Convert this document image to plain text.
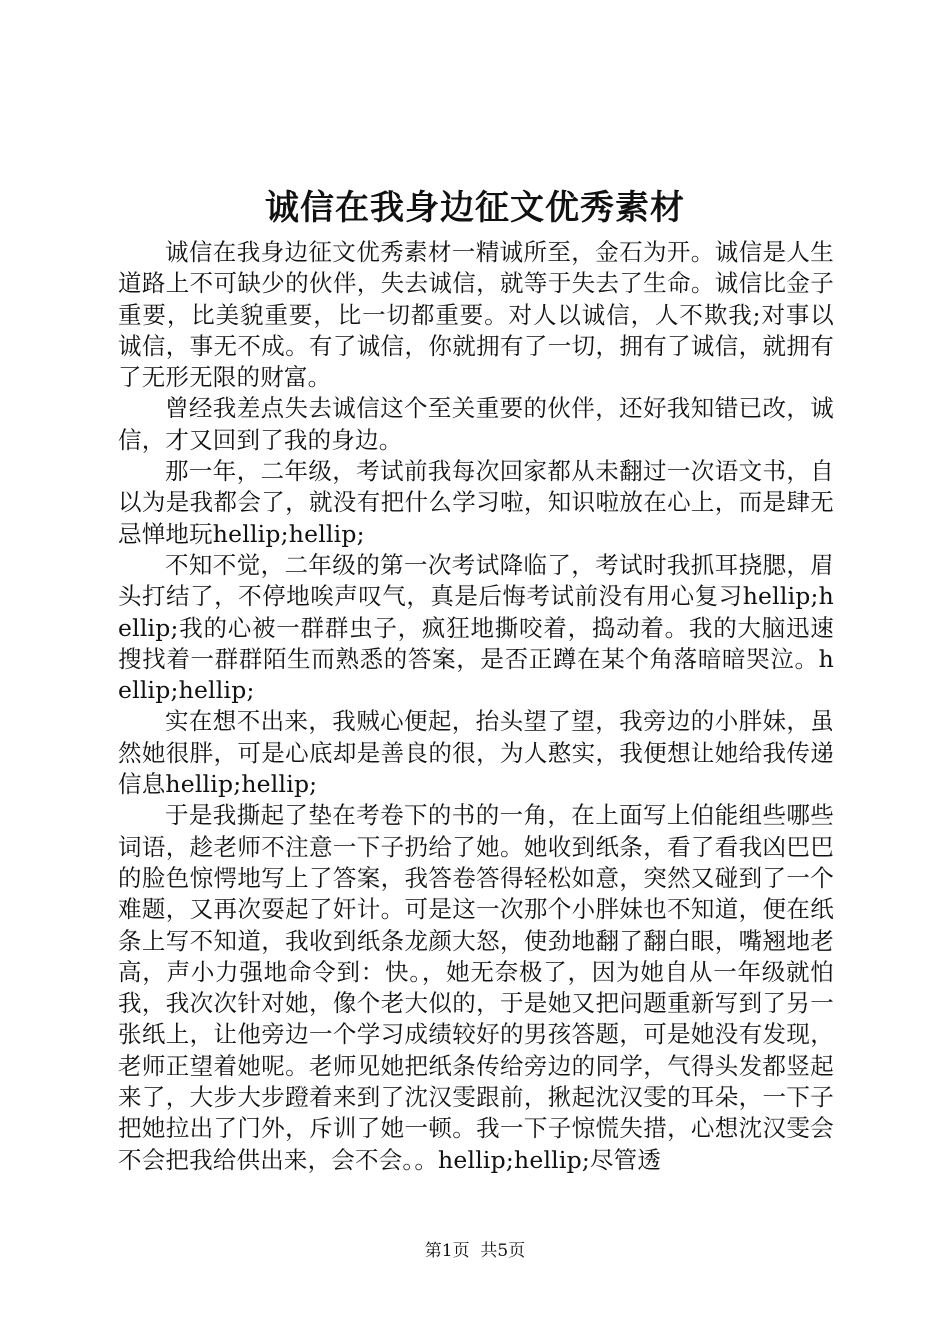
诚信在我身边征文优秀素材

诚信在我身边征文优秀素材一精诚所至，金石为开。诚信是人生道路上不可缺少的伙伴，失去诚信，就等于失去了生命。诚信比金子重要，比美貌重要，比一切都重要。对人以诚信，人不欺我;对事以诚信，事无不成。有了诚信，你就拥有了一切，拥有了诚信，就拥有了无形无限的财富。

曾经我差点失去诚信这个至关重要的伙伴，还好我知错已改，诚信，才又回到了我的身边。

那一年，二年级，考试前我每次回家都从未翻过一次语文书，自以为是我都会了，就没有把什么学习啦，知识啦放在心上，而是肆无忌惮地玩hellip;hellip;

不知不觉，二年级的第一次考试降临了，考试时我抓耳挠腮，眉头打结了，不停地唉声叹气，真是后悔考试前没有用心复习hellip;hellip;我的心被一群群虫子，疯狂地撕咬着，捣动着。我的大脑迅速搜找着一群群陌生而熟悉的答案，是否正蹲在某个角落暗暗哭泣。hellip;hellip;

实在想不出来，我贼心便起，抬头望了望，我旁边的小胖妹，虽然她很胖，可是心底却是善良的很，为人憨实，我便想让她给我传递信息hellip;hellip;

于是我撕起了垫在考卷下的书的一角，在上面写上伯能组些哪些词语，趁老师不注意一下子扔给了她。她收到纸条，看了看我凶巴巴的脸色惊愕地写上了答案，我答卷答得轻松如意，突然又碰到了一个难题，又再次耍起了奸计。可是这一次那个小胖妹也不知道，便在纸条上写不知道，我收到纸条龙颜大怒，使劲地翻了翻白眼，嘴翘地老高，声小力强地命令到：快。，她无奈极了，因为她自从一年级就怕我，我次次针对她，像个老大似的，于是她又把问题重新写到了另一张纸上，让他旁边一个学习成绩较好的男孩答题，可是她没有发现，老师正望着她呢。老师见她把纸条传给旁边的同学，气得头发都竖起来了，大步大步蹬着来到了沈汉雯跟前，揪起沈汉雯的耳朵，一下子把她拉出了门外，斥训了她一顿。我一下子惊慌失措，心想沈汉雯会不会把我给供出来，会不会。。hellip;hellip;尽管透

第1页 共5页
